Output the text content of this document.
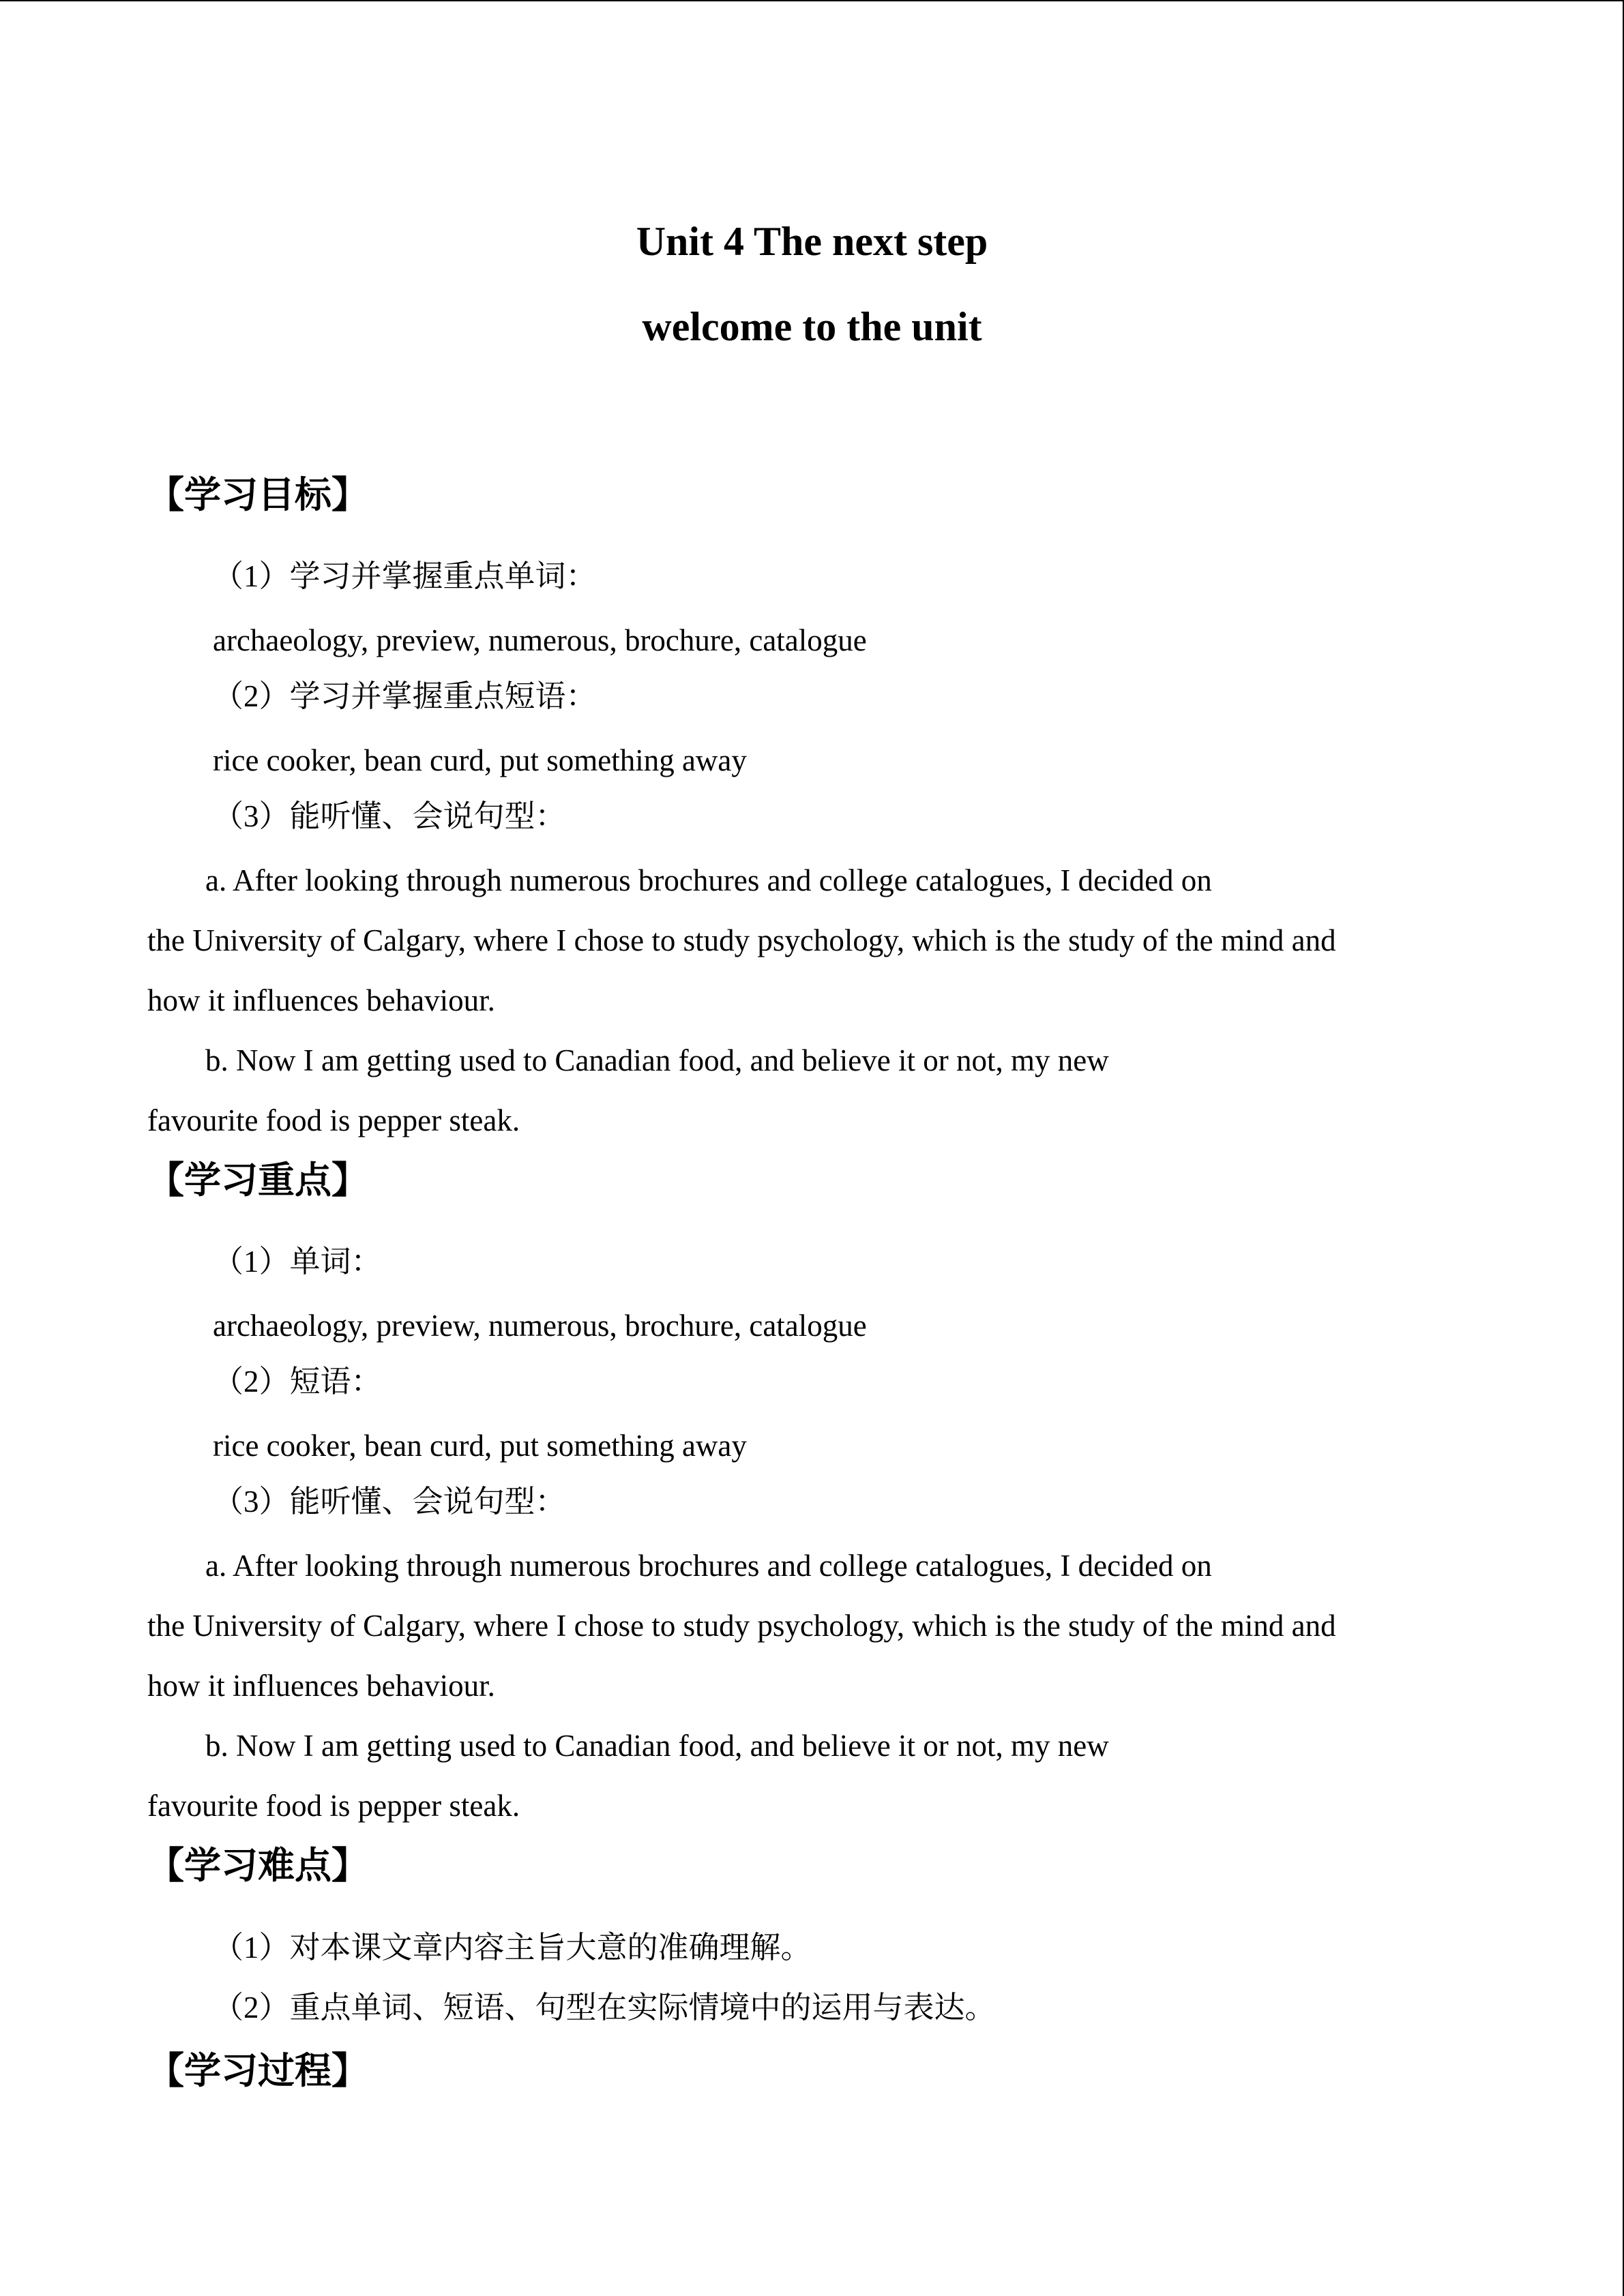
Unit 4 The next step
welcome to the unit
【学习目标】
（1）学习并掌握重点单词：
archaeology, preview, numerous, brochure, catalogue
（2）学习并掌握重点短语：
rice cooker, bean curd, put something away
（3）能听懂、会说句型：
a. After looking through numerous brochures and college catalogues, I decided on
the University of Calgary, where I chose to study psychology, which is the study of the mind and
how it influences behaviour.
b. Now I am getting used to Canadian food, and believe it or not, my new
favourite food is pepper steak.
【学习重点】
（1）单词：
archaeology, preview, numerous, brochure, catalogue
（2）短语：
rice cooker, bean curd, put something away
（3）能听懂、会说句型：
a. After looking through numerous brochures and college catalogues, I decided on
the University of Calgary, where I chose to study psychology, which is the study of the mind and
how it influences behaviour.
b. Now I am getting used to Canadian food, and believe it or not, my new
favourite food is pepper steak.
【学习难点】
（1）对本课文章内容主旨大意的准确理解。
（2）重点单词、短语、句型在实际情境中的运用与表达。
【学习过程】
